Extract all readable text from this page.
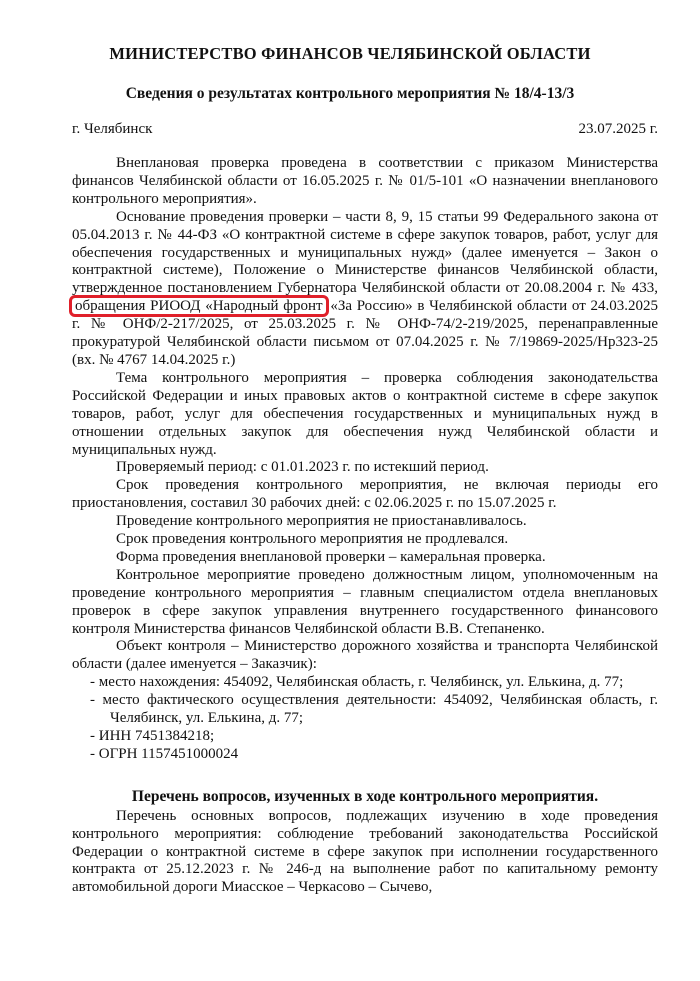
МИНИСТЕРСТВО ФИНАНСОВ ЧЕЛЯБИНСКОЙ ОБЛАСТИ
Сведения о результатах контрольного мероприятия № 18/4-13/3
г. Челябинск	23.07.2025 г.

Внеплановая проверка проведена в соответствии с приказом Министерства финансов Челябинской области от 16.05.2025 г. № 01/5-101 «О назначении внепланового контрольного мероприятия».

Основание проведения проверки – части 8, 9, 15 статьи 99 Федерального закона от 05.04.2013 г. № 44-ФЗ «О контрактной системе в сфере закупок товаров, работ, услуг для обеспечения государственных и муниципальных нужд» (далее именуется – Закон о контрактной системе), Положение о Министерстве финансов Челябинской области, утвержденное постановлением Губернатора Челябинской области от 20.08.2004 г. № 433, обращения РИООД «Народный фронт «За Россию» в Челябинской области от 24.03.2025 г. № ОНФ/2-217/2025, от 25.03.2025 г. № ОНФ-74/2-219/2025, перенаправленные прокуратурой Челябинской области письмом от 07.04.2025 г. № 7/19869-2025/Нр323-25 (вх. № 4767 14.04.2025 г.)

Тема контрольного мероприятия – проверка соблюдения законодательства Российской Федерации и иных правовых актов о контрактной системе в сфере закупок товаров, работ, услуг для обеспечения государственных и муниципальных нужд в отношении отдельных закупок для обеспечения нужд Челябинской области и муниципальных нужд.

Проверяемый период: с 01.01.2023 г. по истекший период.

Срок проведения контрольного мероприятия, не включая периоды его приостановления, составил 30 рабочих дней: с 02.06.2025 г. по 15.07.2025 г.

Проведение контрольного мероприятия не приостанавливалось.

Срок проведения контрольного мероприятия не продлевался.

Форма проведения внеплановой проверки – камеральная проверка.

Контрольное мероприятие проведено должностным лицом, уполномоченным на проведение контрольного мероприятия – главным специалистом отдела внеплановых проверок в сфере закупок управления внутреннего государственного финансового контроля Министерства финансов Челябинской области В.В. Степаненко.

Объект контроля – Министерство дорожного хозяйства и транспорта Челябинской области (далее именуется – Заказчик):

- место нахождения: 454092, Челябинская область, г. Челябинск, ул. Елькина, д. 77;

- место фактического осуществления деятельности: 454092, Челябинская область, г. Челябинск, ул. Елькина, д. 77;

- ИНН 7451384218;

- ОГРН 1157451000024

Перечень вопросов, изученных в ходе контрольного мероприятия.

Перечень основных вопросов, подлежащих изучению в ходе проведения контрольного мероприятия: соблюдение требований законодательства Российской Федерации о контрактной системе в сфере закупок при исполнении государственного контракта от 25.12.2023 г. № 246-д на выполнение работ по капитальному ремонту автомобильной дороги Миасское – Черкасово – Сычево,
